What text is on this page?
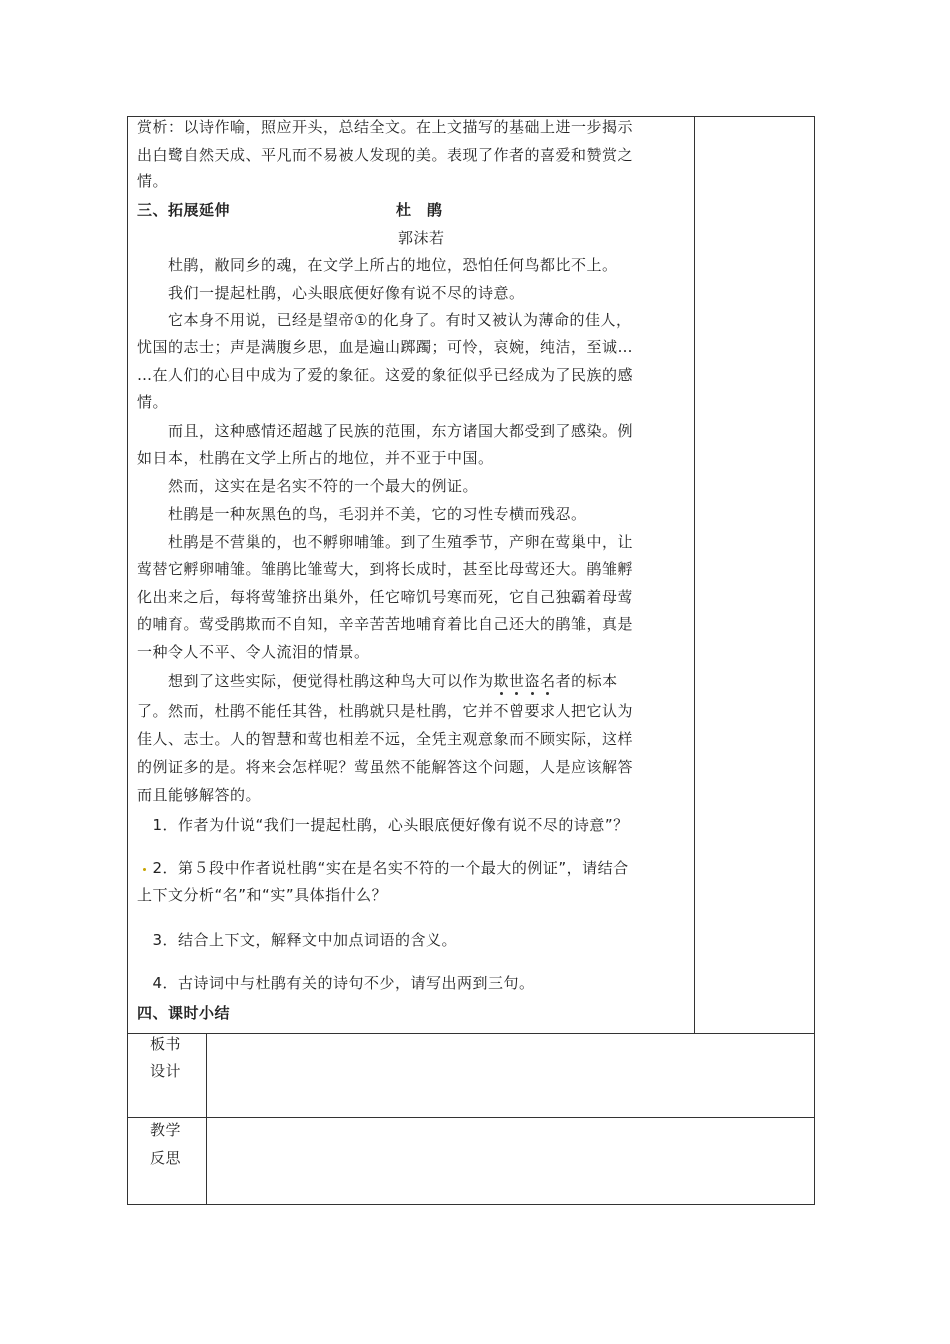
赏析：以诗作喻，照应开头，总结全文。在上文描写的基础上进一步揭示
出白鹭自然天成、平凡而不易被人发现的美。表现了作者的喜爱和赞赏之
情。
三、拓展延伸	杜　鹃
郭沫若
　　杜鹃，敝同乡的魂，在文学上所占的地位，恐怕任何鸟都比不上。
　　我们一提起杜鹃，心头眼底便好像有说不尽的诗意。
　　它本身不用说，已经是望帝①的化身了。有时又被认为薄命的佳人，
忧国的志士；声是满腹乡思，血是遍山踯躅；可怜，哀婉，纯洁，至诚…
…在人们的心目中成为了爱的象征。这爱的象征似乎已经成为了民族的感
情。
　　而且，这种感情还超越了民族的范围，东方诸国大都受到了感染。例
如日本，杜鹃在文学上所占的地位，并不亚于中国。
　　然而，这实在是名实不符的一个最大的例证。
　　杜鹃是一种灰黑色的鸟，毛羽并不美，它的习性专横而残忍。
　　杜鹃是不营巢的，也不孵卵哺雏。到了生殖季节，产卵在莺巢中，让
莺替它孵卵哺雏。雏鹃比雏莺大，到将长成时，甚至比母莺还大。鹃雏孵
化出来之后，每将莺雏挤出巢外，任它啼饥号寒而死，它自己独霸着母莺
的哺育。莺受鹃欺而不自知，辛辛苦苦地哺育着比自己还大的鹃雏，真是
一种令人不平、令人流泪的情景。
　　想到了这些实际，便觉得杜鹃这种鸟大可以作为欺世盗名者的标本
了。然而，杜鹃不能任其咎，杜鹃就只是杜鹃，它并不曾要求人把它认为
佳人、志士。人的智慧和莺也相差不远，全凭主观意象而不顾实际，这样
的例证多的是。将来会怎样呢？莺虽然不能解答这个问题，人是应该解答
而且能够解答的。
　1．作者为什说“我们一提起杜鹃，心头眼底便好像有说不尽的诗意”？
　2．第５段中作者说杜鹃“实在是名实不符的一个最大的例证”，请结合
上下文分析“名”和“实”具体指什么？
　3．结合上下文，解释文中加点词语的含义。
　4．古诗词中与杜鹃有关的诗句不少，请写出两到三句。
四、课时小结
板书
设计
教学
反思
